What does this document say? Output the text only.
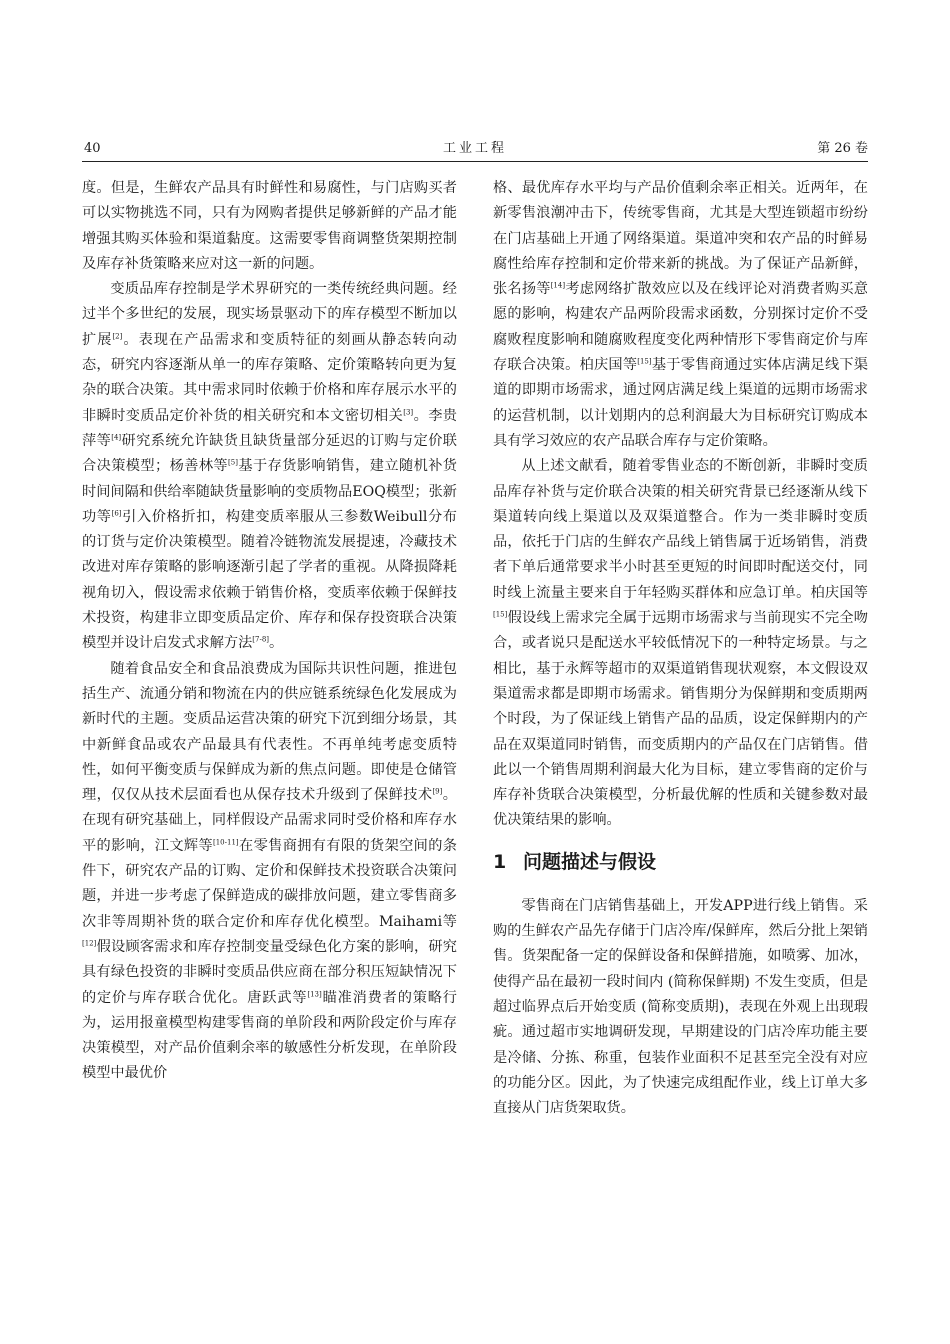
40	工业工程	第 26 卷

度。但是，生鲜农产品具有时鲜性和易腐性，与门店购买者可以实物挑选不同，只有为网购者提供足够新鲜的产品才能增强其购买体验和渠道黏度。这需要零售商调整货架期控制及库存补货策略来应对这一新的问题。

变质品库存控制是学术界研究的一类传统经典问题。经过半个多世纪的发展，现实场景驱动下的库存模型不断加以扩展[2]。表现在产品需求和变质特征的刻画从静态转向动态，研究内容逐渐从单一的库存策略、定价策略转向更为复杂的联合决策。其中需求同时依赖于价格和库存展示水平的非瞬时变质品定价补货的相关研究和本文密切相关[3]。李贵萍等[4]研究系统允许缺货且缺货量部分延迟的订购与定价联合决策模型；杨善林等[5]基于存货影响销售，建立随机补货时间间隔和供给率随缺货量影响的变质物品EOQ模型；张新功等[6]引入价格折扣，构建变质率服从三参数Weibull分布的订货与定价决策模型。随着冷链物流发展提速，冷藏技术改进对库存策略的影响逐渐引起了学者的重视。从降损降耗视角切入，假设需求依赖于销售价格，变质率依赖于保鲜技术投资，构建非立即变质品定价、库存和保存投资联合决策模型并设计启发式求解方法[7-8]。

随着食品安全和食品浪费成为国际共识性问题，推进包括生产、流通分销和物流在内的供应链系统绿色化发展成为新时代的主题。变质品运营决策的研究下沉到细分场景，其中新鲜食品或农产品最具有代表性。不再单纯考虑变质特性，如何平衡变质与保鲜成为新的焦点问题。即使是仓储管理，仅仅从技术层面看也从保存技术升级到了保鲜技术[9]。在现有研究基础上，同样假设产品需求同时受价格和库存水平的影响，江文辉等[10-11]在零售商拥有有限的货架空间的条件下，研究农产品的订购、定价和保鲜技术投资联合决策问题，并进一步考虑了保鲜造成的碳排放问题，建立零售商多次非等周期补货的联合定价和库存优化模型。Maihami等[12]假设顾客需求和库存控制变量受绿色化方案的影响，研究具有绿色投资的非瞬时变质品供应商在部分积压短缺情况下的定价与库存联合优化。唐跃武等[13]瞄准消费者的策略行为，运用报童模型构建零售商的单阶段和两阶段定价与库存决策模型，对产品价值剩余率的敏感性分析发现，在单阶段模型中最优价

格、最优库存水平均与产品价值剩余率正相关。近两年，在新零售浪潮冲击下，传统零售商，尤其是大型连锁超市纷纷在门店基础上开通了网络渠道。渠道冲突和农产品的时鲜易腐性给库存控制和定价带来新的挑战。为了保证产品新鲜，张名扬等[14]考虑网络扩散效应以及在线评论对消费者购买意愿的影响，构建农产品两阶段需求函数，分别探讨定价不受腐败程度影响和随腐败程度变化两种情形下零售商定价与库存联合决策。柏庆国等[15]基于零售商通过实体店满足线下渠道的即期市场需求，通过网店满足线上渠道的远期市场需求的运营机制，以计划期内的总利润最大为目标研究订购成本具有学习效应的农产品联合库存与定价策略。

从上述文献看，随着零售业态的不断创新，非瞬时变质品库存补货与定价联合决策的相关研究背景已经逐渐从线下渠道转向线上渠道以及双渠道整合。作为一类非瞬时变质品，依托于门店的生鲜农产品线上销售属于近场销售，消费者下单后通常要求半小时甚至更短的时间即时配送交付，同时线上流量主要来自于年轻购买群体和应急订单。柏庆国等[15]假设线上需求完全属于远期市场需求与当前现实不完全吻合，或者说只是配送水平较低情况下的一种特定场景。与之相比，基于永辉等超市的双渠道销售现状观察，本文假设双渠道需求都是即期市场需求。销售期分为保鲜期和变质期两个时段，为了保证线上销售产品的品质，设定保鲜期内的产品在双渠道同时销售，而变质期内的产品仅在门店销售。借此以一个销售周期利润最大化为目标，建立零售商的定价与库存补货联合决策模型，分析最优解的性质和关键参数对最优决策结果的影响。

1 问题描述与假设

零售商在门店销售基础上，开发APP进行线上销售。采购的生鲜农产品先存储于门店冷库/保鲜库，然后分批上架销售。货架配备一定的保鲜设备和保鲜措施，如喷雾、加冰，使得产品在最初一段时间内 (简称保鲜期) 不发生变质，但是超过临界点后开始变质 (简称变质期)，表现在外观上出现瑕疵。通过超市实地调研发现，早期建设的门店冷库功能主要是冷储、分拣、称重，包装作业面积不足甚至完全没有对应的功能分区。因此，为了快速完成组配作业，线上订单大多直接从门店货架取货。
